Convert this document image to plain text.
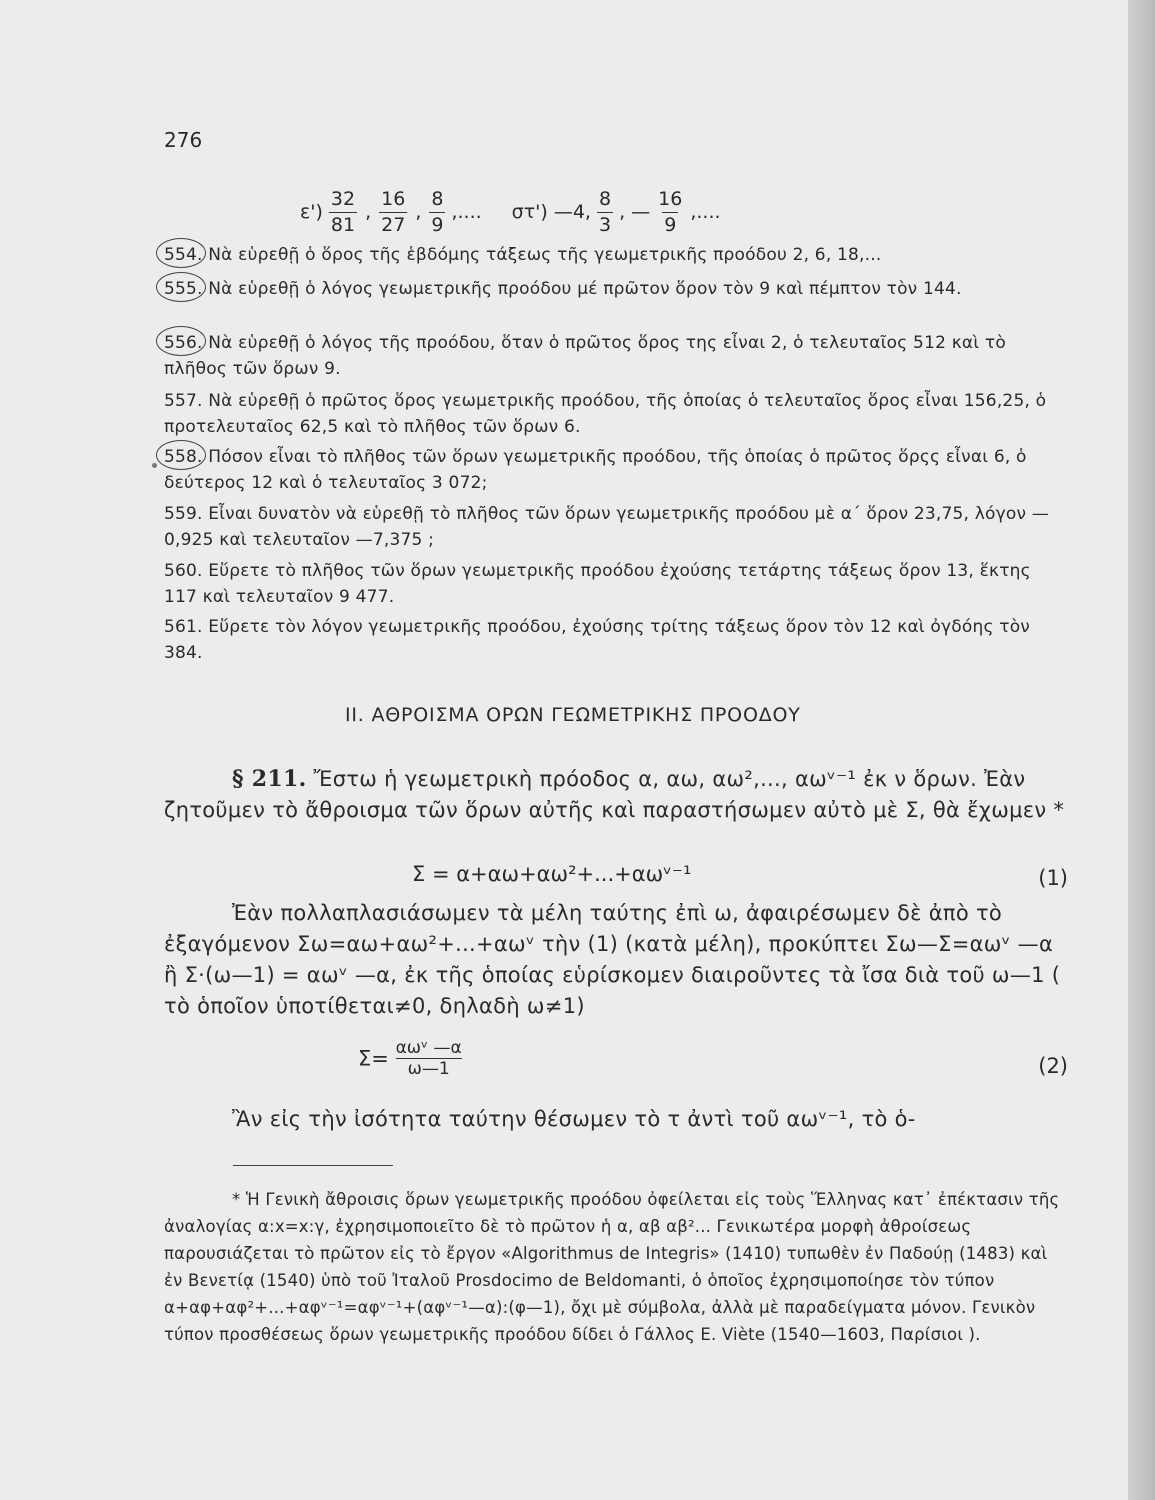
276
$\varepsilon') \frac{32}{81}$ , $\frac{16}{27}$ , $\frac{8}{9}$ ,.... στ') —4, $\frac{8}{3}$ , — $\frac{16}{9}$ ,....
554. Νὰ εὑρεθῇ ὁ ὅρος τῆς ἑβδόμης τάξεως τῆς γεωμετρικῆς προόδου 2, 6, 18,...
555. Νὰ εὑρεθῇ ὁ λόγος γεωμετρικῆς προόδου μέ πρῶτον ὅρον τὸν 9 καὶ πέμπτον τὸν 144.
556. Νὰ εὑρεθῇ ὁ λόγος τῆς προόδου, ὅταν ὁ πρῶτος ὅρος της εἶναι 2, ὁ τελευταῖος 512 καὶ τὸ πλῆθος τῶν ὅρων 9.
557. Νὰ εὑρεθῇ ὁ πρῶτος ὅρος γεωμετρικῆς προόδου, τῆς ὁποίας ὁ τελευταῖος ὅρος εἶναι 156,25, ὁ προτελευταῖος 62,5 καὶ τὸ πλῆθος τῶν ὅρων 6.
558. Πόσον εἶναι τὸ πλῆθος τῶν ὅρων γεωμετρικῆς προόδου, τῆς ὁποίας ὁ πρῶτος ὅρςς εἶναι 6, ὁ δεύτερος 12 καὶ ὁ τελευταῖος 3 072;
559. Εἶναι δυνατὸν νὰ εὑρεθῇ τὸ πλῆθος τῶν ὅρων γεωμετρικῆς προόδου μὲ α΄ ὅρον 23,75, λόγον —0,925 καὶ τελευταῖον —7,375 ;
560. Εὕρετε τὸ πλῆθος τῶν ὅρων γεωμετρικῆς προόδου ἐχούσης τετάρτης τάξεως ὅρον 13, ἕκτης 117 καὶ τελευταῖον 9 477.
561. Εὕρετε τὸν λόγον γεωμετρικῆς προόδου, ἐχούσης τρίτης τάξεως ὅρον τὸν 12 καὶ ὀγδόης τὸν 384.
ΙΙ. ΑΘΡΟΙΣΜΑ ΟΡΩΝ ΓΕΩΜΕΤΡΙΚΗΣ ΠΡΟΟΔΟΥ
§ 211. Ἔστω ἡ γεωμετρικὴ πρόοδος α, αω, αω²,..., αωᵛ⁻¹ ἐκ ν ὅρων. Ἐὰν ζητοῦμεν τὸ ἄθροισμα τῶν ὅρων αὐτῆς καὶ παραστήσωμεν αὐτὸ μὲ Σ, θὰ ἔχωμεν *
Σ = α+αω+αω²+...+αωᵛ⁻¹	(1)
Ἐὰν πολλαπλασιάσωμεν τὰ μέλη ταύτης ἐπὶ ω, ἀφαιρέσωμεν δὲ ἀπὸ τὸ ἐξαγόμενον Σω=αω+αω²+...+αωᵛ τὴν (1) (κατὰ μέλη), προκύπτει Σω—Σ=αωᵛ —α ἢ Σ·(ω—1) = αωᵛ —α, ἐκ τῆς ὁποίας εὑρίσκομεν διαιροῦντες τὰ ἴσα διὰ τοῦ ω—1 ( τὸ ὁποῖον ὑποτίθεται≠0, δηλαδὴ ω≠1)
Σ= αωᵛ —α
ω—1	(2)
Ἂν εἰς τὴν ἰσότητα ταύτην θέσωμεν τὸ τ ἀντὶ τοῦ αωᵛ⁻¹, τὸ ὁ-
* Ἡ Γενικὴ ἄθροισις ὅρων γεωμετρικῆς προόδου ὀφείλεται εἰς τοὺς Ἕλληνας κατ᾽ ἐπέκτασιν τῆς ἀναλογίας α:x=x:γ, ἐχρησιμοποιεῖτο δὲ τὸ πρῶτον ἡ α, αβ αβ²... Γενικωτέρα μορφὴ ἀθροίσεως παρουσιάζεται τὸ πρῶτον εἰς τὸ ἔργον «Algorithmus de Integris» (1410) τυπωθὲν ἐν Παδούῃ (1483) καὶ ἐν Βενετίᾳ (1540) ὑπὸ τοῦ Ἰταλοῦ Prosdocimo de Beldomanti, ὁ ὁποῖος ἐχρησιμοποίησε τὸν τύπον α+αφ+αφ²+...+αφᵛ⁻¹=αφᵛ⁻¹+(αφᵛ⁻¹—α):(φ—1), ὄχι μὲ σύμβολα, ἀλλὰ μὲ παραδείγματα μόνον. Γενικὸν τύπον προσθέσεως ὅρων γεωμετρικῆς προόδου δίδει ὁ Γάλλος E. Viète (1540—1603, Παρίσιοι ).
